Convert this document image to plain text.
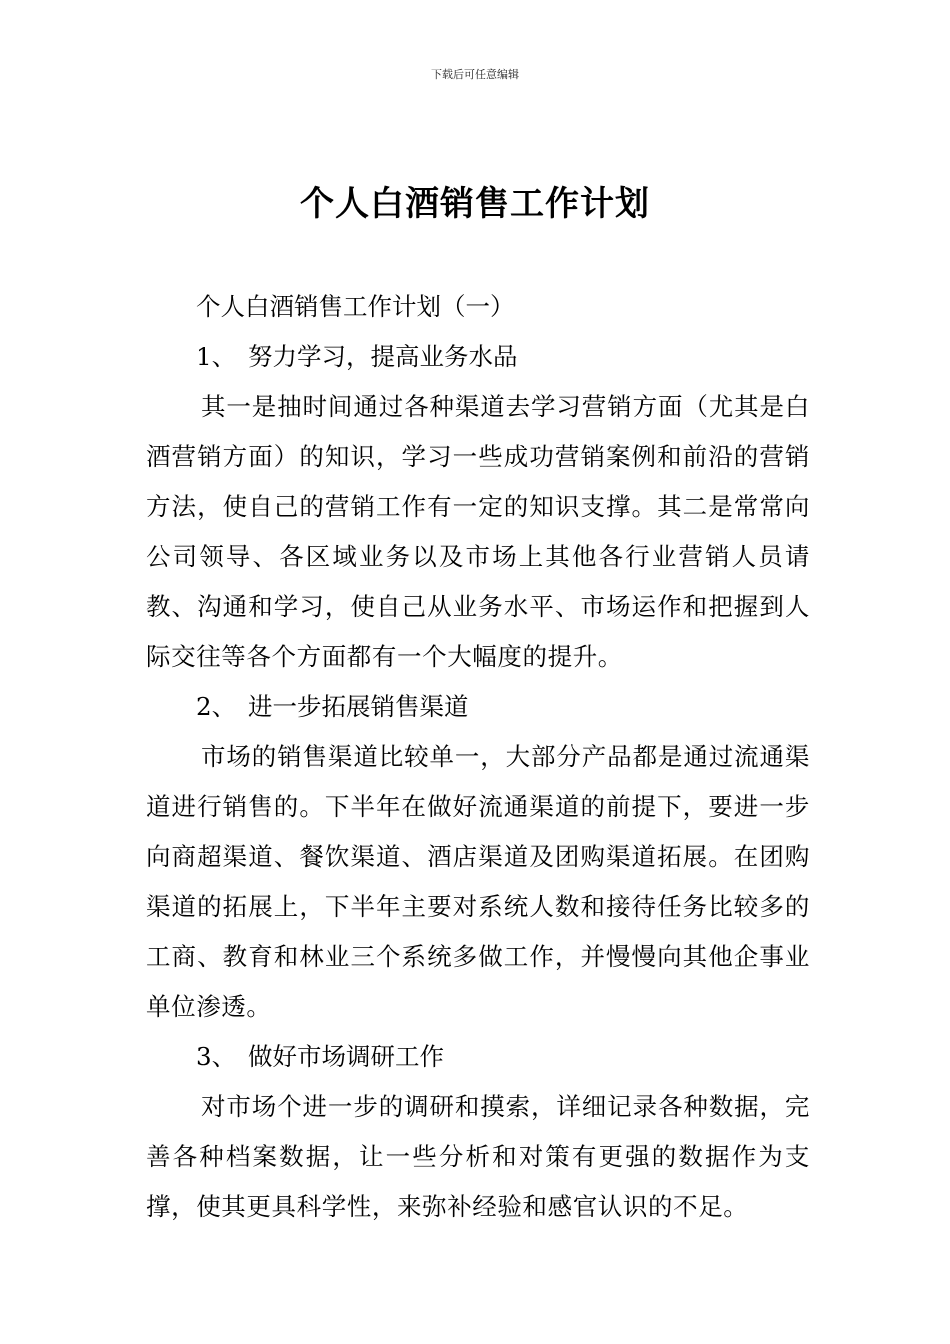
下载后可任意编辑
个人白酒销售工作计划
个人白酒销售工作计划（一）
1、 努力学习，提高业务水品

其一是抽时间通过各种渠道去学习营销方面（尤其是白酒营销方面）的知识，学习一些成功营销案例和前沿的营销方法，使自己的营销工作有一定的知识支撑。其二是常常向公司领导、各区域业务以及市场上其他各行业营销人员请教、沟通和学习，使自己从业务水平、市场运作和把握到人际交往等各个方面都有一个大幅度的提升。

2、 进一步拓展销售渠道

市场的销售渠道比较单一，大部分产品都是通过流通渠道进行销售的。下半年在做好流通渠道的前提下，要进一步向商超渠道、餐饮渠道、酒店渠道及团购渠道拓展。在团购渠道的拓展上，下半年主要对系统人数和接待任务比较多的工商、教育和林业三个系统多做工作，并慢慢向其他企事业单位渗透。

3、 做好市场调研工作

对市场个进一步的调研和摸索，详细记录各种数据，完善各种档案数据，让一些分析和对策有更强的数据作为支撑，使其更具科学性，来弥补经验和感官认识的不足。
